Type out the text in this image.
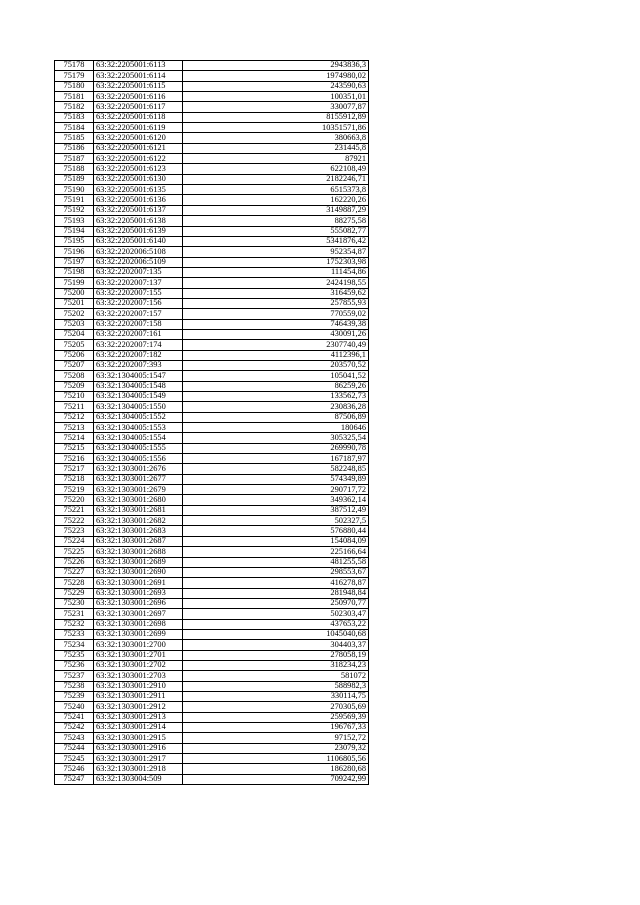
75178	63:32:2205001:6113	2943836,3
75179	63:32:2205001:6114	1974980,02
75180	63:32:2205001:6115	243590,63
75181	63:32:2205001:6116	100351,01
75182	63:32:2205001:6117	330077,87
75183	63:32:2205001:6118	8155912,89
75184	63:32:2205001:6119	10351571,86
75185	63:32:2205001:6120	380663,8
75186	63:32:2205001:6121	231445,8
75187	63:32:2205001:6122	87921
75188	63:32:2205001:6123	622108,49
75189	63:32:2205001:6130	2182246,71
75190	63:32:2205001:6135	6515373,8
75191	63:32:2205001:6136	162220,26
75192	63:32:2205001:6137	3149887,29
75193	63:32:2205001:6138	88275,58
75194	63:32:2205001:6139	555082,77
75195	63:32:2205001:6140	5341876,42
75196	63:32:2202006:5108	952354,87
75197	63:32:2202006:5109	1752303,98
75198	63:32:2202007:135	111454,86
75199	63:32:2202007:137	2424198,55
75200	63:32:2202007:155	316459,62
75201	63:32:2202007:156	257855,93
75202	63:32:2202007:157	770559,02
75203	63:32:2202007:158	746439,38
75204	63:32:2202007:161	430091,26
75205	63:32:2202007:174	2307740,49
75206	63:32:2202007:182	4112396,1
75207	63:32:2202007:393	203570,52
75208	63:32:1304005:1547	105041,52
75209	63:32:1304005:1548	86259,26
75210	63:32:1304005:1549	133562,73
75211	63:32:1304005:1550	230836,28
75212	63:32:1304005:1552	87506,89
75213	63:32:1304005:1553	180646
75214	63:32:1304005:1554	305325,54
75215	63:32:1304005:1555	269990,78
75216	63:32:1304005:1556	167187,97
75217	63:32:1303001:2676	582248,85
75218	63:32:1303001:2677	574349,89
75219	63:32:1303001:2679	290717,72
75220	63:32:1303001:2680	349362,14
75221	63:32:1303001:2681	387512,49
75222	63:32:1303001:2682	502327,5
75223	63:32:1303001:2683	576880,44
75224	63:32:1303001:2687	154084,09
75225	63:32:1303001:2688	225166,64
75226	63:32:1303001:2689	481255,58
75227	63:32:1303001:2690	298553,67
75228	63:32:1303001:2691	416278,87
75229	63:32:1303001:2693	281948,84
75230	63:32:1303001:2696	250970,77
75231	63:32:1303001:2697	502303,47
75232	63:32:1303001:2698	437653,22
75233	63:32:1303001:2699	1045040,68
75234	63:32:1303001:2700	304403,37
75235	63:32:1303001:2701	278058,19
75236	63:32:1303001:2702	318234,23
75237	63:32:1303001:2703	581072
75238	63:32:1303001:2910	588982,3
75239	63:32:1303001:2911	330114,75
75240	63:32:1303001:2912	270305,69
75241	63:32:1303001:2913	259569,39
75242	63:32:1303001:2914	196767,33
75243	63:32:1303001:2915	97152,72
75244	63:32:1303001:2916	23079,32
75245	63:32:1303001:2917	1106805,56
75246	63:32:1303001:2918	186280,68
75247	63:32:1303004:509	709242,99
